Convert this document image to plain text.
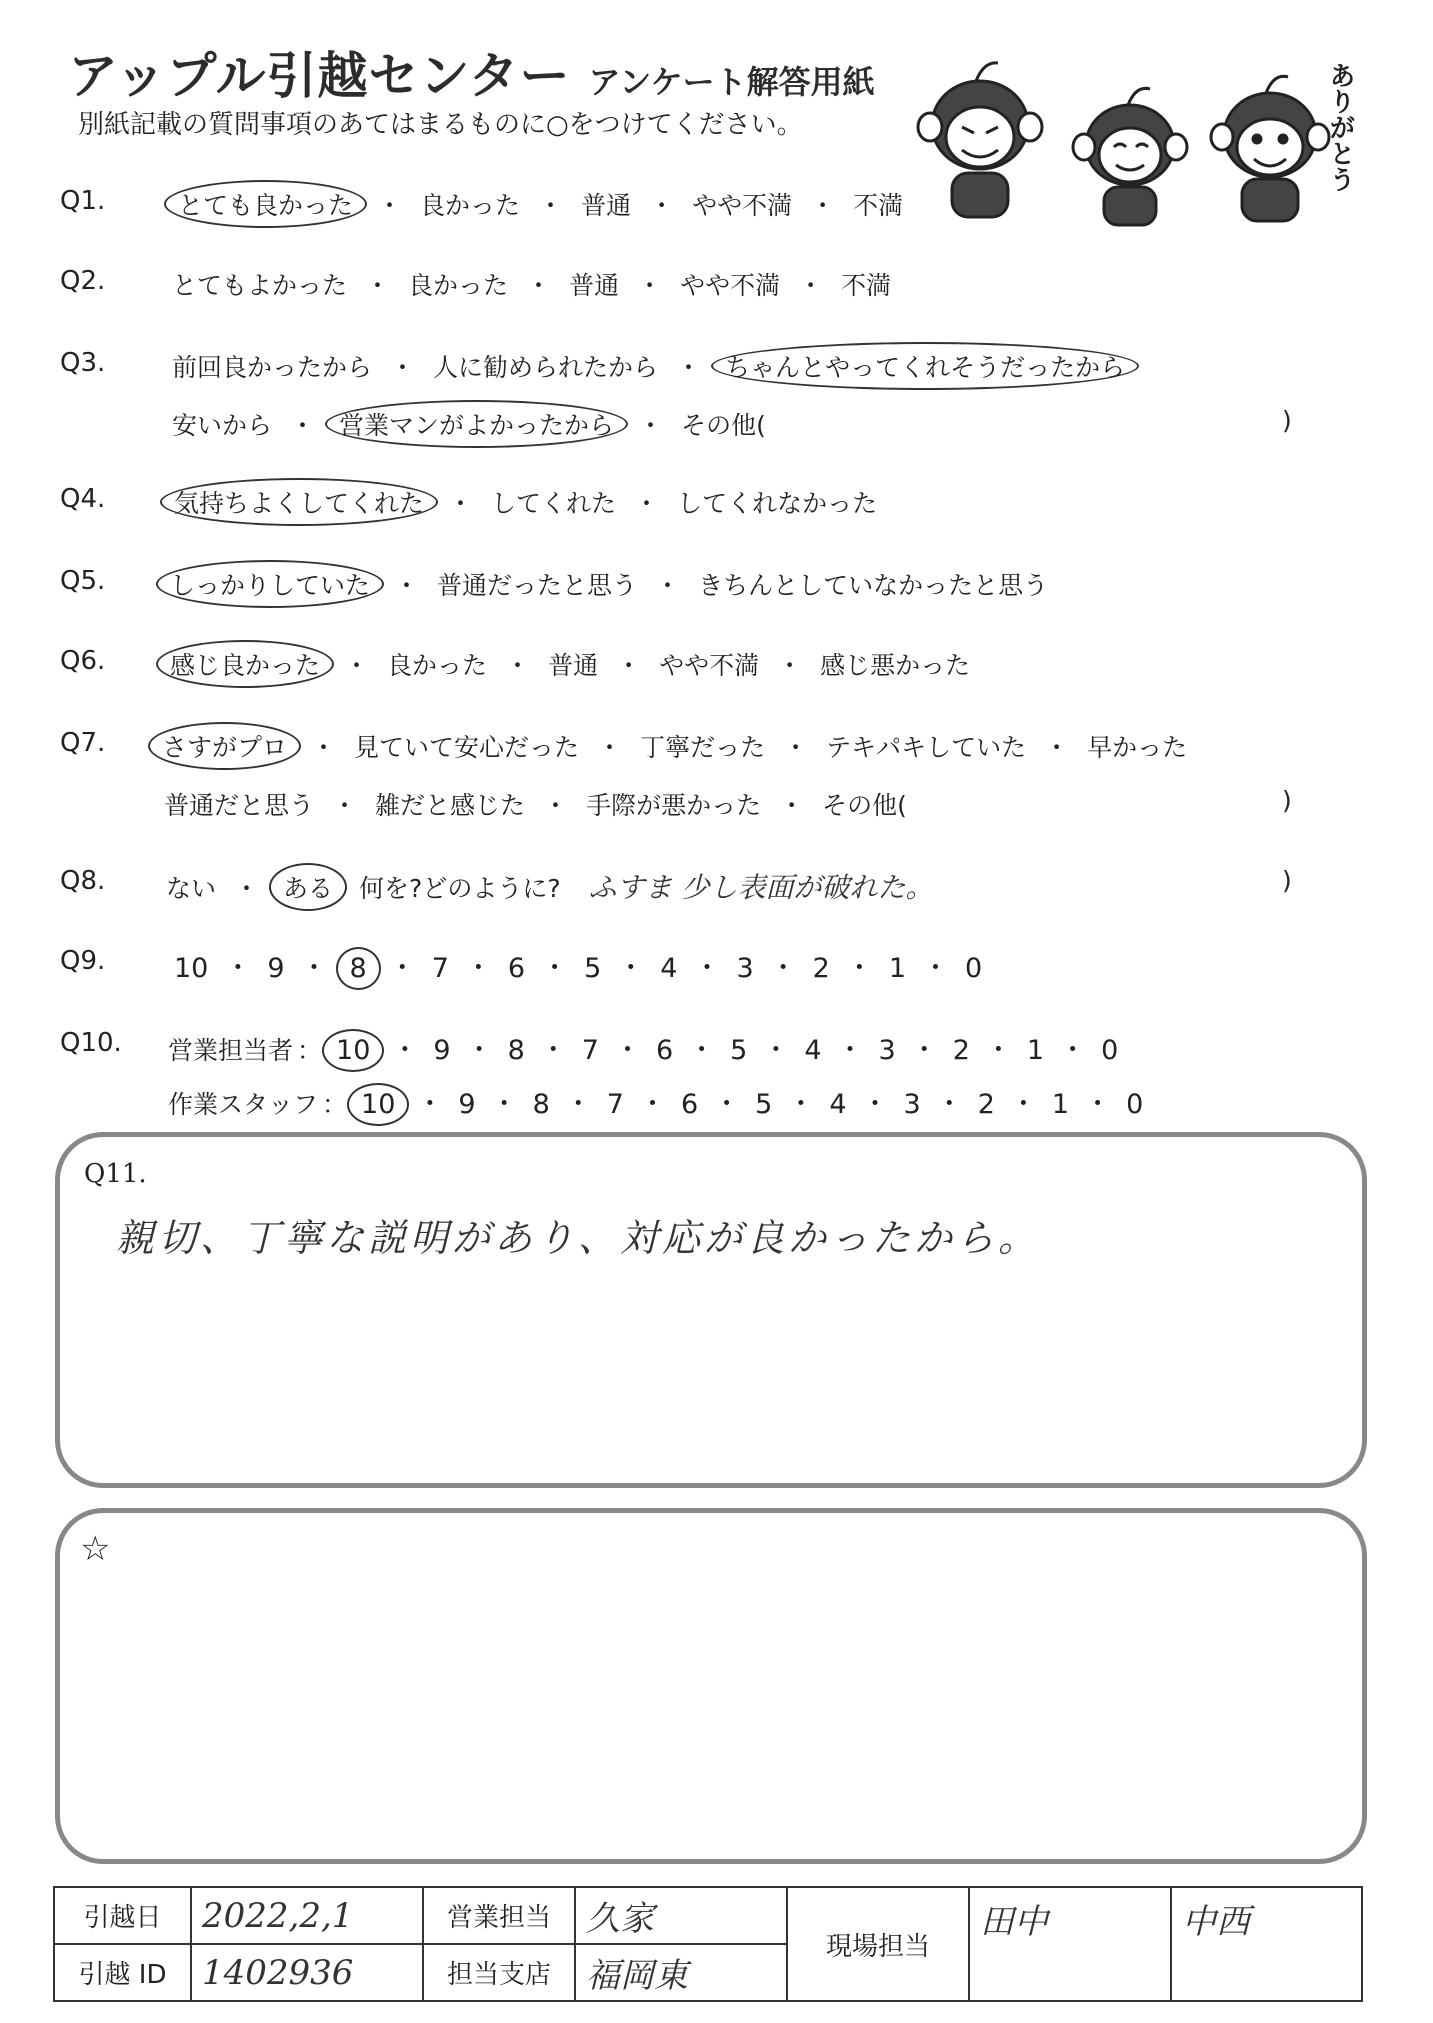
アップル引越センター アンケート解答用紙
別紙記載の質問事項のあてはまるものに○をつけてください。	ありがとう
Q1.	とても良かった ・ 良かった ・ 普通 ・ やや不満 ・ 不満
Q2.	とてもよかった ・ 良かった ・ 普通 ・ やや不満 ・ 不満
Q3.	前回良かったから ・ 人に勧められたから ・ ちゃんとやってくれそうだったから
安いから ・ 営業マンがよかったから ・ その他(	)
Q4.	気持ちよくしてくれた ・ してくれた ・ してくれなかった
Q5.	しっかりしていた ・ 普通だったと思う ・ きちんとしていなかったと思う
Q6.	感じ良かった ・ 良かった ・ 普通 ・ やや不満 ・ 感じ悪かった
Q7.	さすがプロ ・ 見ていて安心だった ・ 丁寧だった ・ テキパキしていた ・ 早かった
普通だと思う ・ 雑だと感じた ・ 手際が悪かった ・ その他(	)
Q8. ない ・ ある 何を?どのように? ふすま 少し表面が破れた。	)
Q9.	10 ・ 9 ・ 8 ・ 7 ・ 6 ・ 5 ・ 4 ・ 3 ・ 2 ・ 1 ・ 0
Q10. 営業担当者 ： 10 ・ 9 ・ 8 ・ 7 ・ 6 ・ 5 ・ 4 ・ 3 ・ 2 ・ 1 ・ 0
作業スタッフ ： 10 ・ 9 ・ 8 ・ 7 ・ 6 ・ 5 ・ 4 ・ 3 ・ 2 ・ 1 ・ 0
Q11.
親切、丁寧な説明があり、対応が良かったから。
☆
引越日	2022,2,1	営業担当	久家	現場担当	田中	中西
引越 ID	1402936	担当支店	福岡東			
